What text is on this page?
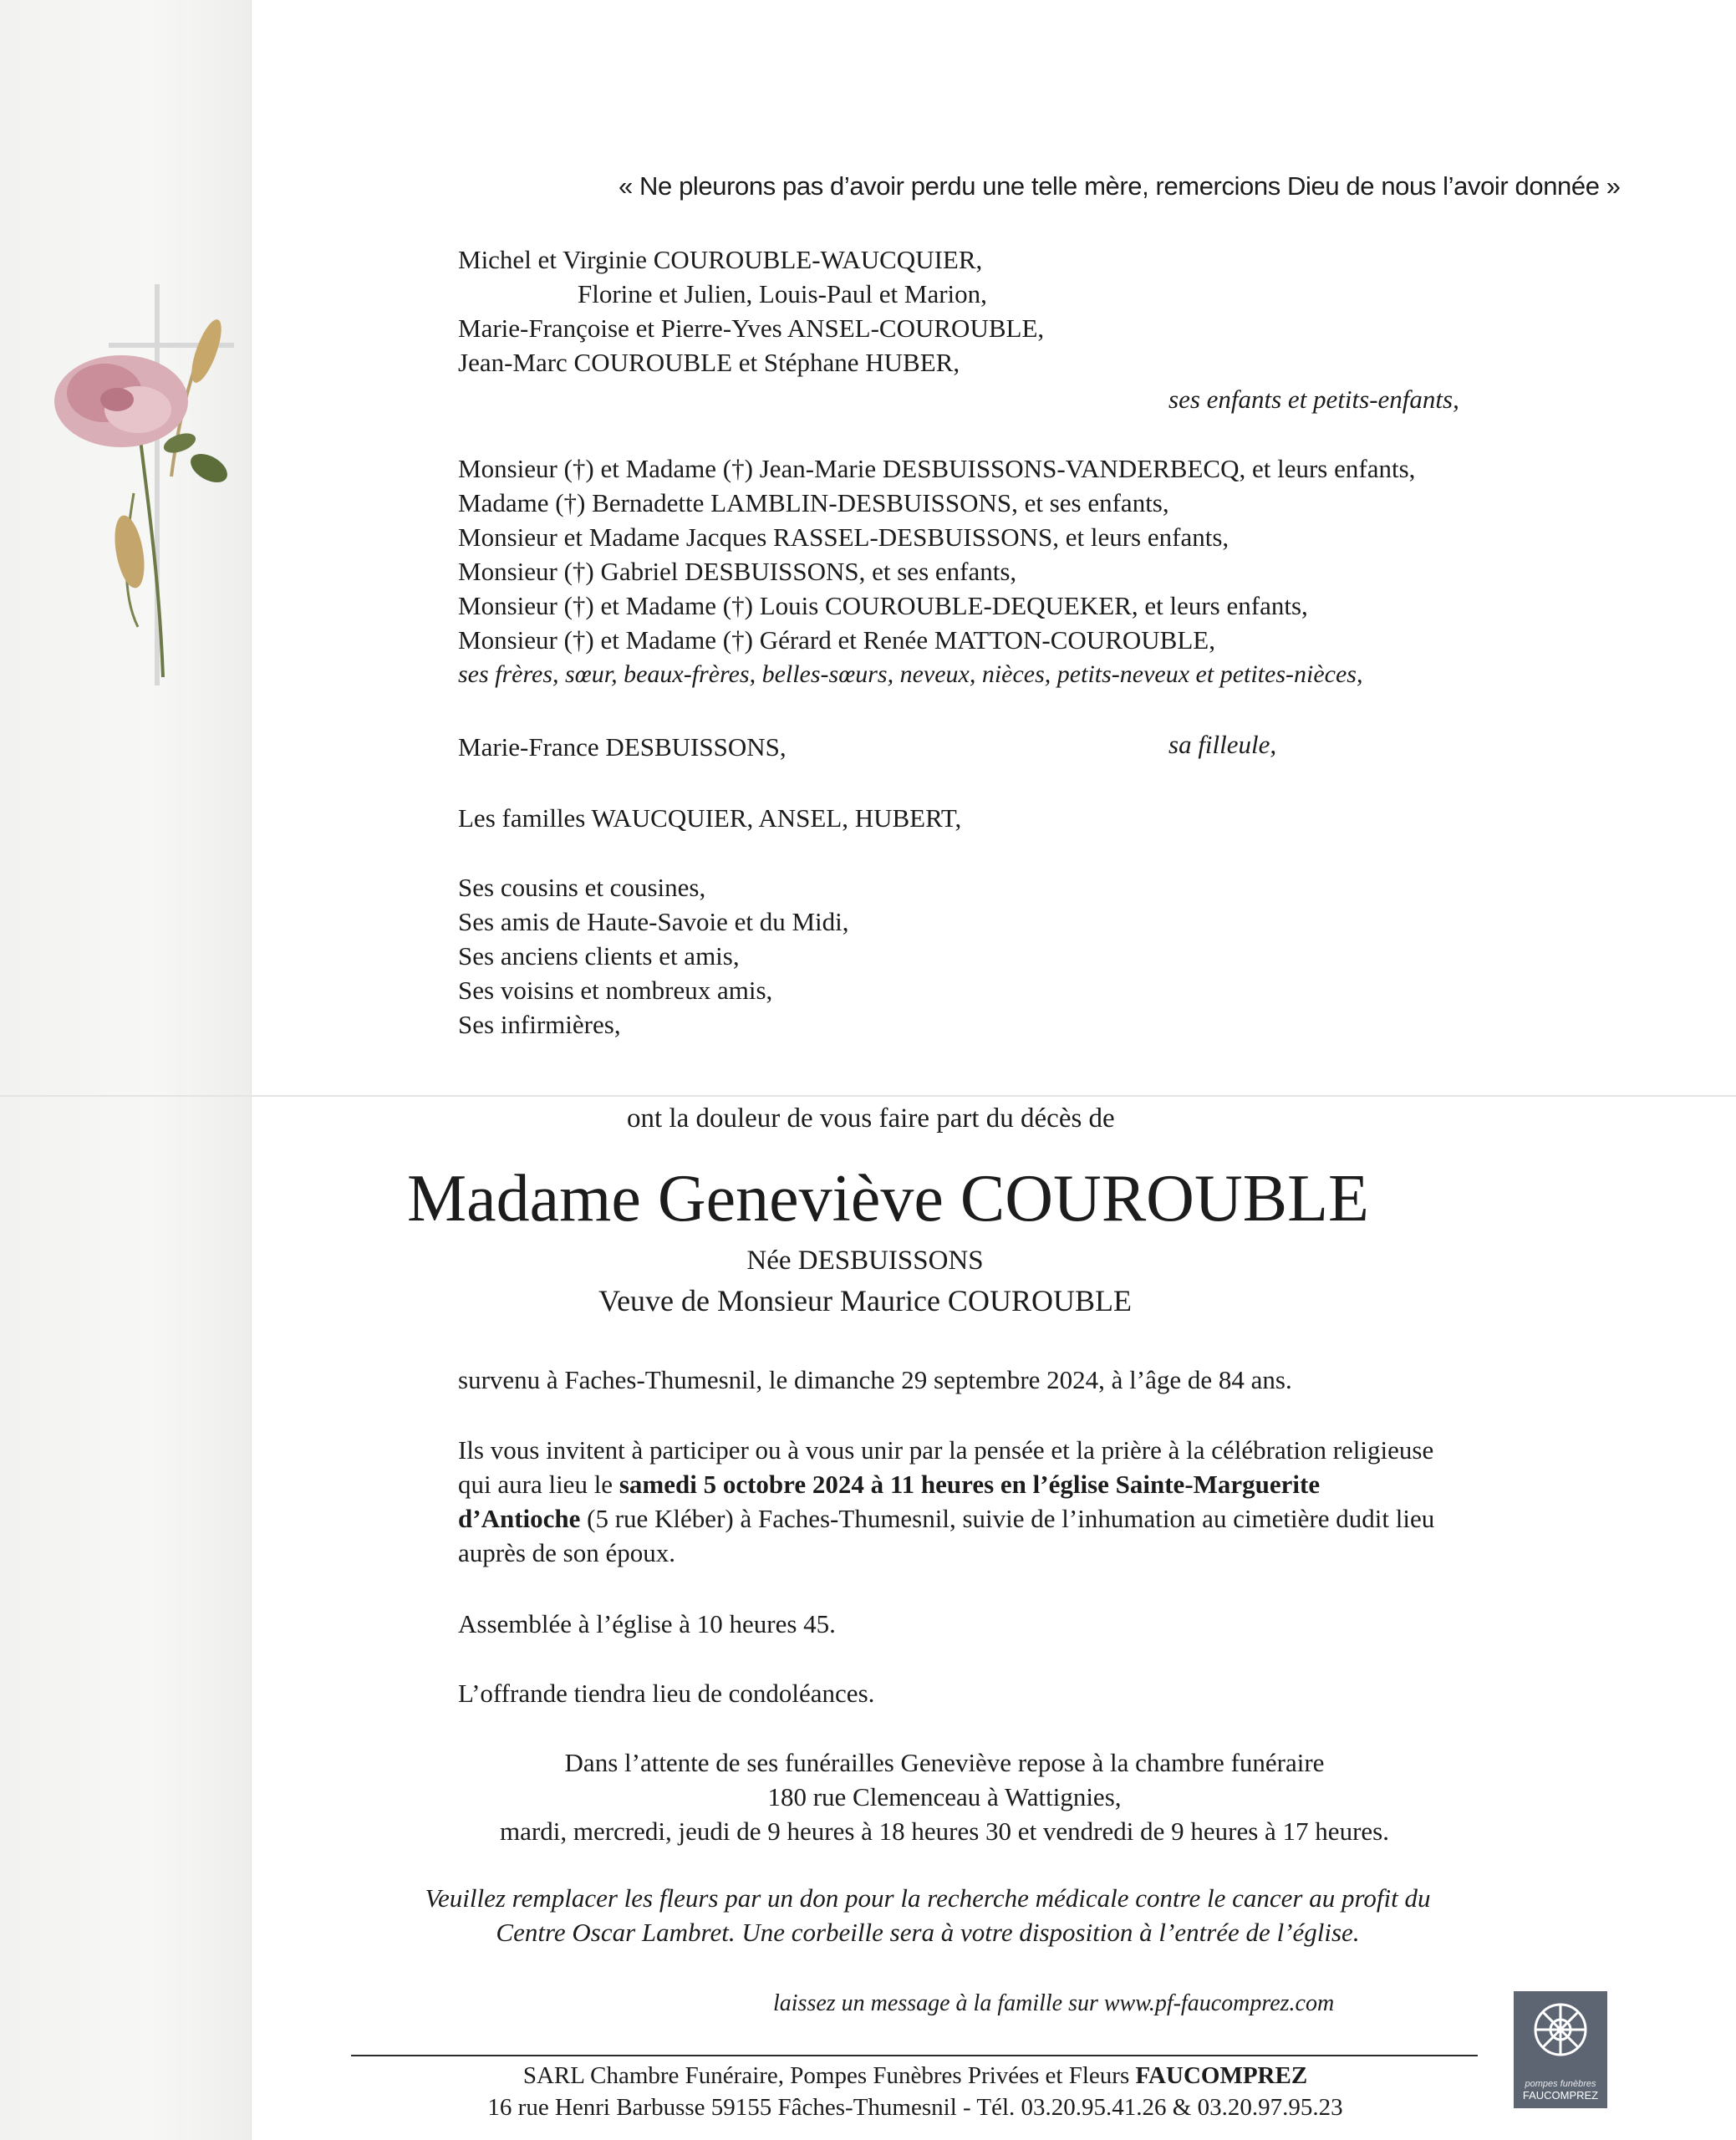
« Ne pleurons pas d’avoir perdu une telle mère, remercions Dieu de nous l’avoir donnée »
Michel et Virginie COUROUBLE-WAUCQUIER,
Florine et Julien, Louis-Paul et Marion,
Marie-Françoise et Pierre-Yves ANSEL-COUROUBLE,
Jean-Marc COUROUBLE et Stéphane HUBER,
ses enfants et petits-enfants,
Monsieur (†) et Madame (†) Jean-Marie DESBUISSONS-VANDERBECQ, et leurs enfants,
Madame (†) Bernadette LAMBLIN-DESBUISSONS, et ses enfants,
Monsieur et Madame Jacques RASSEL-DESBUISSONS, et leurs enfants,
Monsieur (†) Gabriel DESBUISSONS, et ses enfants,
Monsieur (†) et Madame (†) Louis COUROUBLE-DEQUEKER, et leurs enfants,
Monsieur (†) et Madame (†) Gérard et Renée MATTON-COUROUBLE,
ses frères, sœur, beaux-frères, belles-sœurs, neveux, nièces, petits-neveux et petites-nièces,
Marie-France DESBUISSONS,	sa filleule,
Les familles WAUCQUIER, ANSEL, HUBERT,
Ses cousins et cousines,
Ses amis de Haute-Savoie et du Midi,
Ses anciens clients et amis,
Ses voisins et nombreux amis,
Ses infirmières,
ont la douleur de vous faire part du décès de
Madame Geneviève COUROUBLE
Née DESBUISSONS
Veuve de Monsieur Maurice COUROUBLE
survenu à Faches-Thumesnil, le dimanche 29 septembre 2024, à l’âge de 84 ans.
Ils vous invitent à participer ou à vous unir par la pensée et la prière à la célébration religieuse
qui aura lieu le samedi 5 octobre 2024 à 11 heures en l’église Sainte-Marguerite
d’Antioche (5 rue Kléber) à Faches-Thumesnil, suivie de l’inhumation au cimetière dudit lieu
auprès de son époux.
Assemblée à l’église à 10 heures 45.
L’offrande tiendra lieu de condoléances.
Dans l’attente de ses funérailles Geneviève repose à la chambre funéraire
180 rue Clemenceau à Wattignies,
mardi, mercredi, jeudi de 9 heures à 18 heures 30 et vendredi de 9 heures à 17 heures.
Veuillez remplacer les fleurs par un don pour la recherche médicale contre le cancer au profit du
Centre Oscar Lambret. Une corbeille sera à votre disposition à l’entrée de l’église.
laissez un message à la famille sur www.pf-faucomprez.com
SARL Chambre Funéraire, Pompes Funèbres Privées et Fleurs FAUCOMPREZ
16 rue Henri Barbusse 59155 Fâches-Thumesnil - Tél. 03.20.95.41.26 & 03.20.97.95.23
pompes funèbres
FAUCOMPREZ
